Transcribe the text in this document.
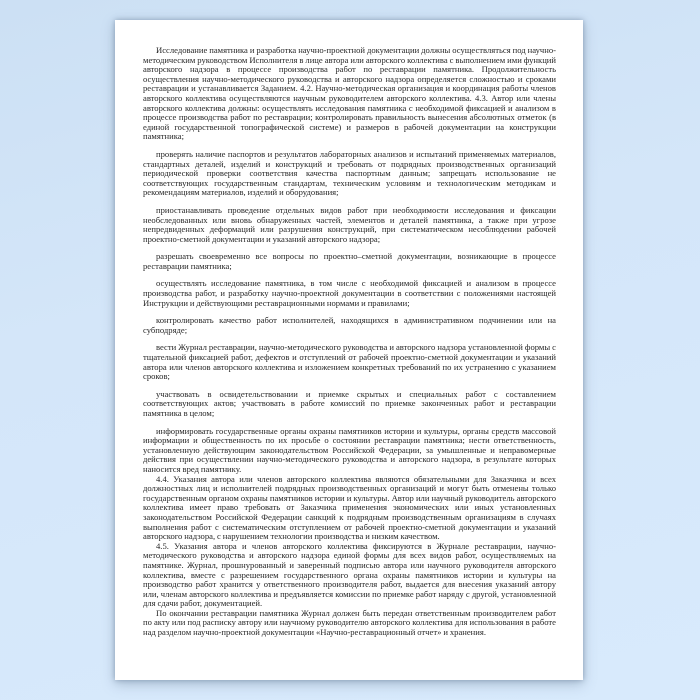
Исследование памятника и разработка научно-проектной документации должны осуществляться под научно- методическим руководством Исполнителя в лице автора или авторского коллектива с выполнением ими функций авторского надзора в процессе производства работ по реставрации памятника. Продолжительность осуществления научно-методического руководства и авторского надзора определяется сложностью и сроками реставрации и устанавливается Заданием. 4.2. Научно-методическая организация и координация работы членов авторского коллектива осуществляются научным руководителем авторского коллектива. 4.3. Автор или члены авторского коллектива должны: осуществлять исследования памятника с необходимой фиксацией и анализом в процессе производства работ по реставрации; контролировать правильность вынесения абсолютных отметок (в единой государственной топографической системе) и размеров в рабочей документации на конструкции памятника;

проверять наличие паспортов и результатов лабораторных анализов и испытаний применяемых материалов, стандартных деталей, изделий и конструкций и требовать от подрядных производственных организаций периодической проверки соответствия качества паспортным данным; запрещать использование не соответствующих государственным стандартам, техническим условиям и технологическим методикам и рекомендациям материалов, изделий и оборудования;

приостанавливать проведение отдельных видов работ при необходимости исследования и фиксации необследованных или вновь обнаруженных частей, элементов и деталей памятника, а также при угрозе непредвиденных деформаций или разрушения конструкций, при систематическом несоблюдении рабочей проектно-сметной документации и указаний авторского надзора;

разрешать своевременно все вопросы по проектно–сметной документации, возникающие в процессе реставрации памятника;

осуществлять исследование памятника, в том числе с необходимой фиксацией и анализом в процессе производства работ, и разработку научно-проектной документации в соответствии с положениями настоящей Инструкции и действующими реставрационными нормами и правилами;

контролировать качество работ исполнителей, находящихся в административном подчинении или на субподряде;

вести Журнал реставрации, научно-методического руководства и авторского надзора установленной формы с тщательной фиксацией работ, дефектов и отступлений от рабочей проектно-сметной документации и указаний автора или членов авторского коллектива и изложением конкретных требований по их устранению с указанием сроков;

участвовать в освидетельствовании и приемке скрытых и специальных работ с составлением соответствующих актов; участвовать в работе комиссий по приемке законченных работ и реставрации памятника в целом;

информировать государственные органы охраны памятников истории и культуры, органы средств массовой информации и общественность по их просьбе о состоянии реставрации памятника; нести ответственность, установленную действующим законодательством Российской Федерации, за умышленные и неправомерные действия при осуществлении научно-методического руководства и авторского надзора, в результате которых наносится вред памятнику.

4.4. Указания автора или членов авторского коллектива являются обязательными для Заказчика и всех должностных лиц и исполнителей подрядных производственных организаций и могут быть отменены только государственным органом охраны памятников истории и культуры. Автор или научный руководитель авторского коллектива имеет право требовать от Заказчика применения экономических или иных установленных законодательством Российской Федерации санкций к подрядным производственным организациям в случаях выполнения работ с систематическим отступлением от рабочей проектно-сметной документации и указаний авторского надзора, с нарушением технологии производства и низким качеством.

4.5. Указания автора и членов авторского коллектива фиксируются в Журнале реставрации, научно-методического руководства и авторского надзора единой формы для всех видов работ, осуществляемых на памятнике. Журнал, прошнурованный и заверенный подписью автора или научного руководителя авторского коллектива, вместе с разрешением государственного органа охраны памятников истории и культуры на производство работ хранится у ответственного производителя работ, выдается для внесения указаний автору или, членам авторского коллектива и предъявляется комиссии по приемке работ наряду с другой, установленной для сдачи работ, документацией.

По окончании реставрации памятника Журнал должен быть передан ответственным производителем работ по акту или под расписку автору или научному руководителю авторского коллектива для использования в работе над разделом научно-проектной документации «Научно-реставрационный отчет» и хранения.
